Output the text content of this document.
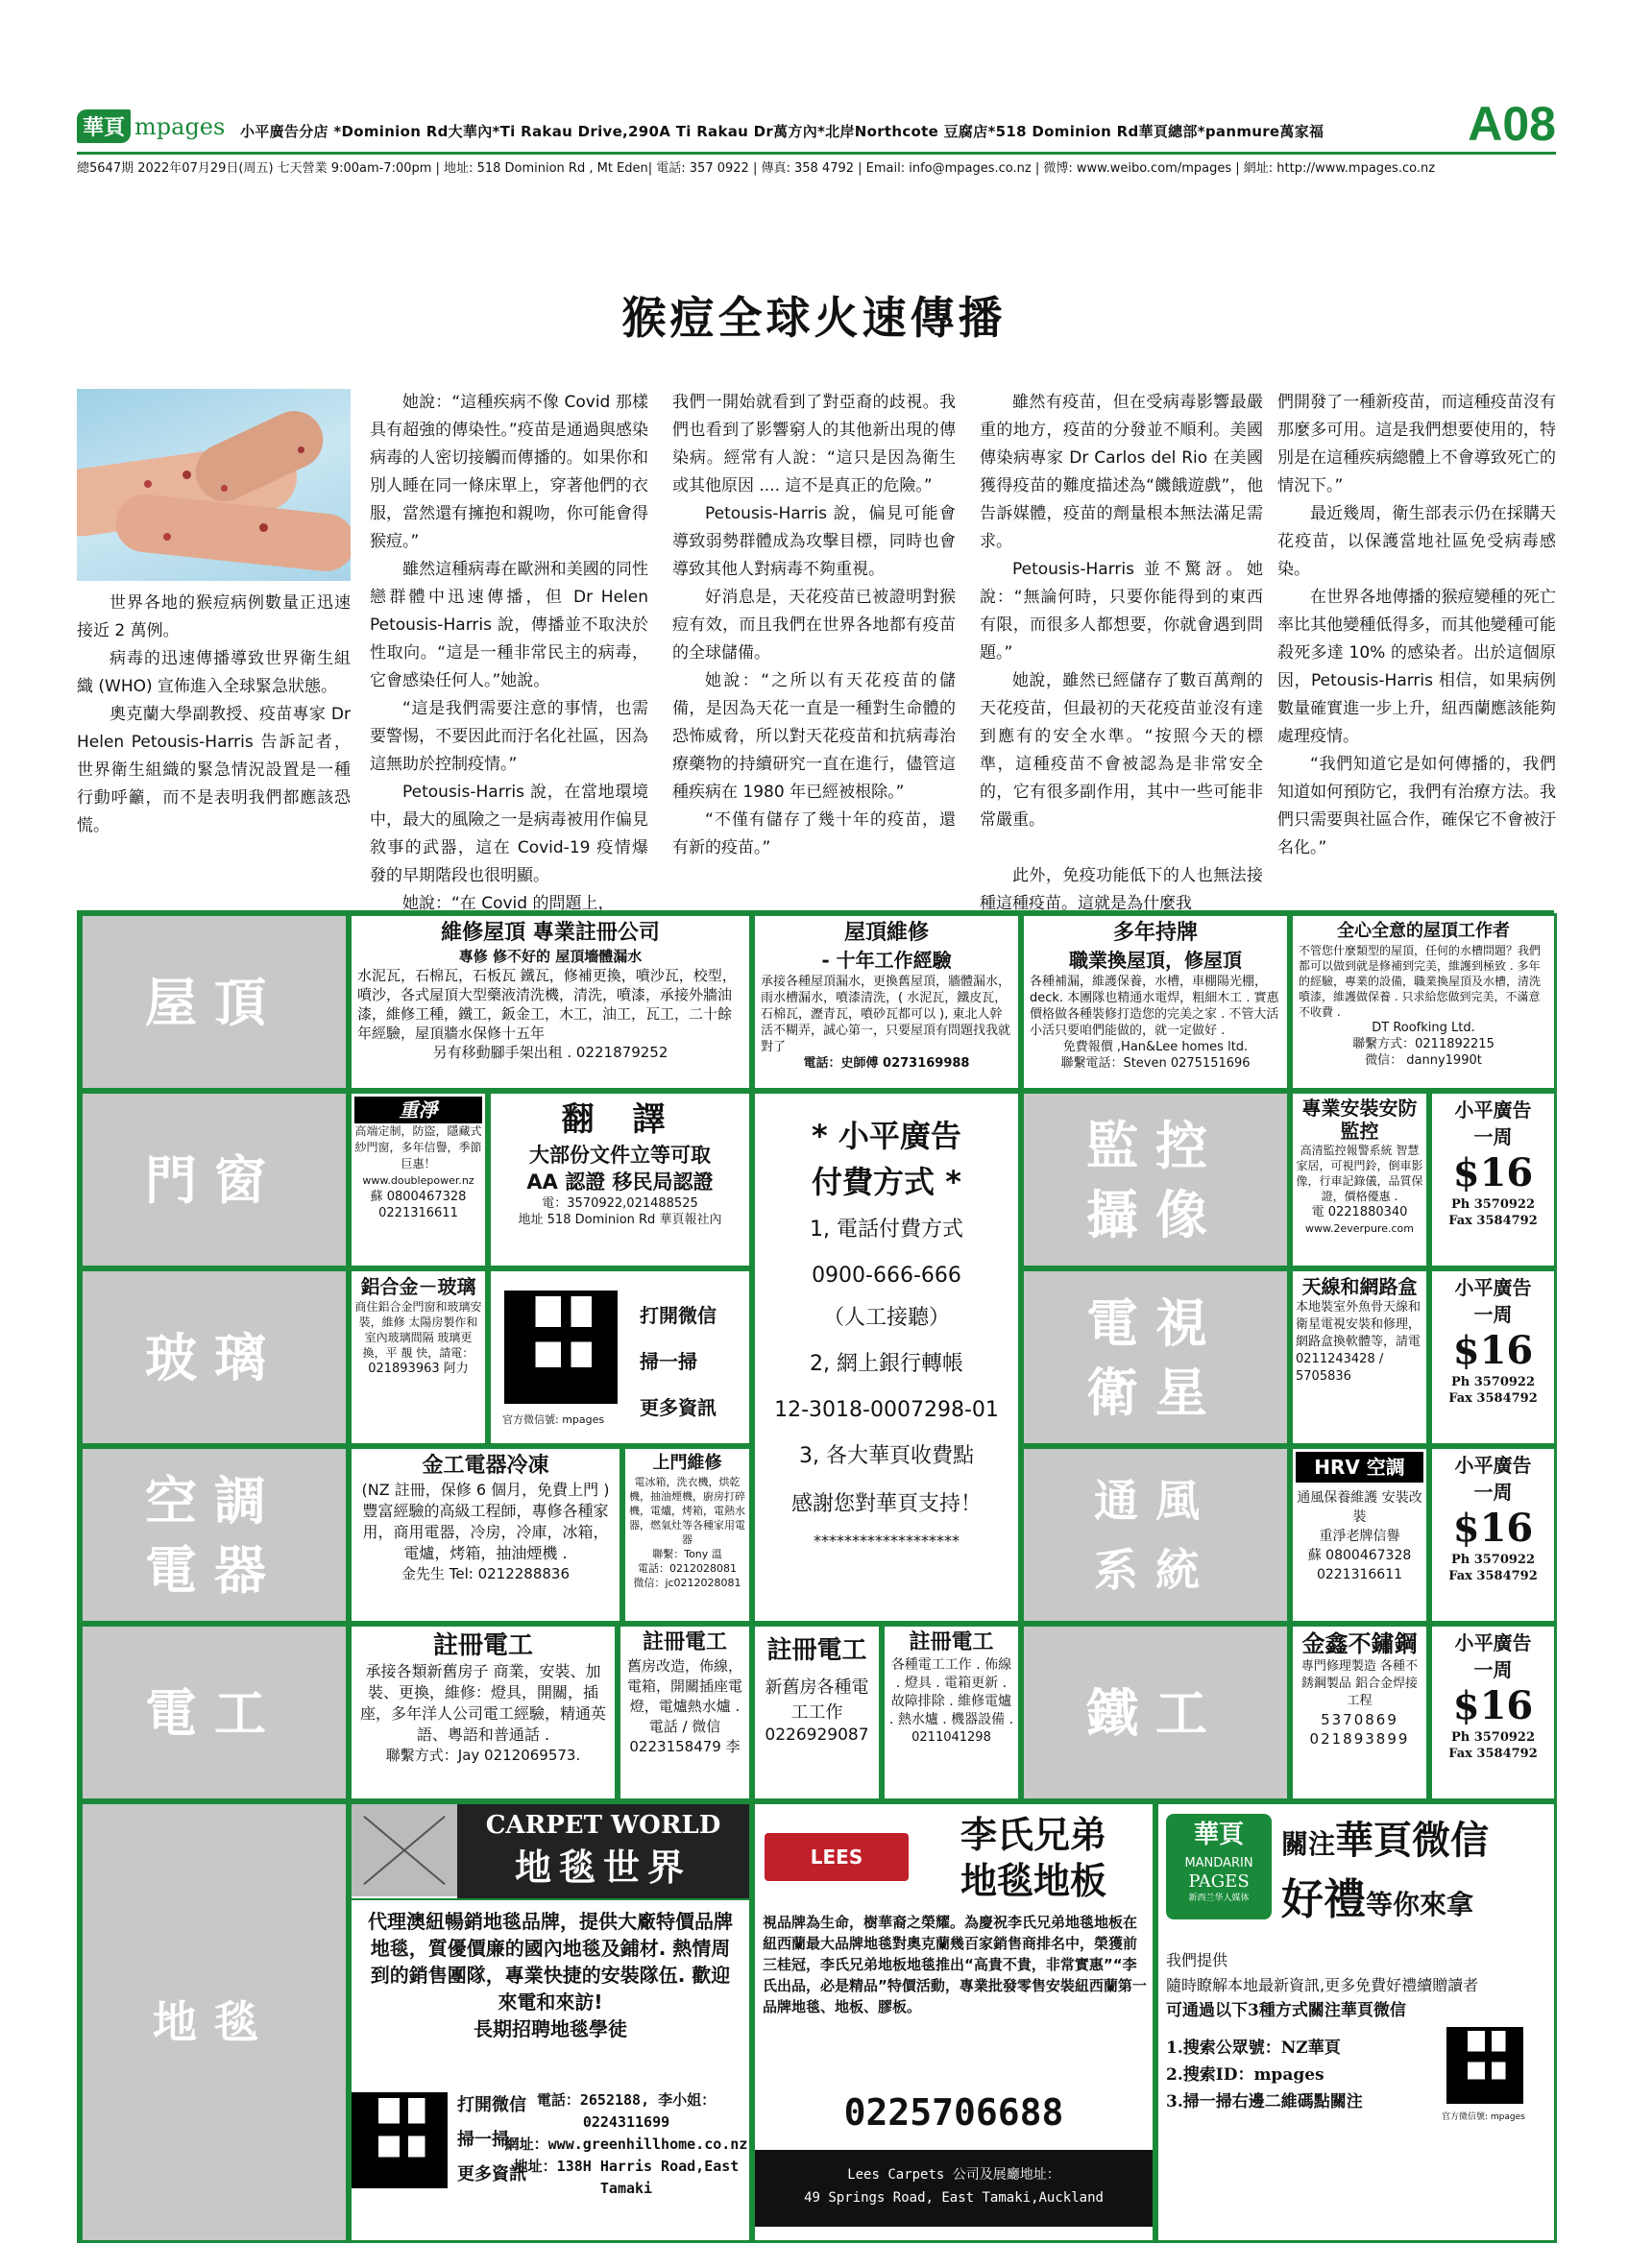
華頁 mpages 小平廣告分店 *Dominion Rd大華內*Ti Rakau Drive,290A Ti Rakau Dr萬方內*北岸Northcote 豆腐店*518 Dominion Rd華頁總部*panmure萬家福	A08
總5647期 2022年07月29日(周五) 七天營業 9:00am-7:00pm | 地址: 518 Dominion Rd , Mt Eden| 電話: 357 0922 | 傳真: 358 4792 | Email: info@mpages.co.nz | 微博: www.weibo.com/mpages | 網址: http://www.mpages.co.nz
猴痘全球火速傳播

世界各地的猴痘病例數量正迅速接近 2 萬例。

病毒的迅速傳播導致世界衛生組織 (WHO) 宣佈進入全球緊急狀態。

奧克蘭大學副教授、疫苗專家 Dr Helen Petousis-Harris 告訴記者，世界衛生組織的緊急情況設置是一種行動呼籲，而不是表明我們都應該恐慌。

她說：“這種疾病不像 Covid 那樣具有超強的傳染性。”疫苗是通過與感染病毒的人密切接觸而傳播的。如果你和別人睡在同一條床單上，穿著他們的衣服，當然還有擁抱和親吻，你可能會得猴痘。”

雖然這種病毒在歐洲和美國的同性戀群體中迅速傳播，但 Dr Helen Petousis-Harris 說，傳播並不取決於性取向。“這是一種非常民主的病毒，它會感染任何人。”她說。

“這是我們需要注意的事情，也需要警惕，不要因此而汙名化社區，因為這無助於控制疫情。”

Petousis-Harris 說，在當地環境中，最大的風險之一是病毒被用作偏見敘事的武器，這在 Covid-19 疫情爆發的早期階段也很明顯。

她說：“在 Covid 的問題上，

我們一開始就看到了對亞裔的歧視。我們也看到了影響窮人的其他新出現的傳染病。經常有人說：“這只是因為衛生或其他原因 .... 這不是真正的危險。”

Petousis-Harris 說，偏見可能會導致弱勢群體成為攻擊目標，同時也會導致其他人對病毒不夠重視。

好消息是，天花疫苗已被證明對猴痘有效，而且我們在世界各地都有疫苗的全球儲備。

她說：“之所以有天花疫苗的儲備，是因為天花一直是一種對生命體的恐怖威脅，所以對天花疫苗和抗病毒治療藥物的持續研究一直在進行，儘管這種疾病在 1980 年已經被根除。”

“不僅有儲存了幾十年的疫苗，還有新的疫苗。”

雖然有疫苗，但在受病毒影響最嚴重的地方，疫苗的分發並不順利。美國傳染病專家 Dr Carlos del Rio 在美國獲得疫苗的難度描述為“饑餓遊戲”，他告訴媒體，疫苗的劑量根本無法滿足需求。

Petousis-Harris 並不驚訝。她說：“無論何時，只要你能得到的東西有限，而很多人都想要，你就會遇到問題。”

她說，雖然已經儲存了數百萬劑的天花疫苗，但最初的天花疫苗並沒有達到應有的安全水準。“按照今天的標準，這種疫苗不會被認為是非常安全的，它有很多副作用，其中一些可能非常嚴重。

此外，免疫功能低下的人也無法接種這種疫苗。這就是為什麼我

們開發了一種新疫苗，而這種疫苗沒有那麼多可用。這是我們想要使用的，特別是在這種疾病總體上不會導致死亡的情況下。”

最近幾周，衛生部表示仍在採購天花疫苗，以保護當地社區免受病毒感染。

在世界各地傳播的猴痘變種的死亡率比其他變種低得多，而其他變種可能殺死多達 10% 的感染者。出於這個原因，Petousis-Harris 相信，如果病例數量確實進一步上升，紐西蘭應該能夠處理疫情。

“我們知道它是如何傳播的，我們知道如何預防它，我們有治療方法。我們只需要與社區合作，確保它不會被汙名化。”

屋頂
門窗
玻璃
空調
電器
電工
地毯
監控
攝像
電視
衛星
通風
系統
鐵工
維修屋頂 專業註冊公司
專修 修不好的 屋頂墻體漏水
水泥瓦，石棉瓦，石板瓦 鐵瓦，修補更換，噴沙瓦，校型，噴沙，各式屋頂大型藥液清洗機，清洗，噴漆，承接外牆油漆，維修工種，鐵工，鈑金工，木工，油工，瓦工，二十餘年經驗，屋頂牆水保修十五年
另有移動腳手架出租 . 0221879252
屋頂維修
- 十年工作經驗
承接各種屋頂漏水，更換舊屋頂，牆體漏水，雨水槽漏水，噴漆清洗，( 水泥瓦，鐵皮瓦，石棉瓦，瀝青瓦，噴砂瓦都可以 ), 東北人幹活不糊弄，誠心第一，只要屋頂有問題找我就對了
電話：史師傅 0273169988
多年持牌
職業換屋頂，修屋頂
各種補漏，維護保養，水槽，車棚陽光棚，deck. 本團隊也精通水電焊，粗細木工 . 實惠價格做各種裝修打造您的完美之家 . 不管大活小活只要咱們能做的，就一定做好 .
免費報價 ,Han&Lee homes ltd.
聯繫電話：Steven 0275151696
全心全意的屋頂工作者
不管您什麼類型的屋頂，任何的水槽問題？我們都可以做到就是修補到完美，維護到極致 . 多年的經驗，專業的設備，職業換屋頂及水槽，清洗噴漆，維護做保養 . 只求給您做到完美，不滿意不收費 .
DT Roofking Ltd.
聯繫方式：0211892215
微信： danny1990t
重淨
高端定制，防盜，隱藏式紗門窗，多年信譽，季節巨惠！
www.doublepower.nz
蘇 0800467328
0221316611
翻 譯
大部份文件立等可取
AA 認證 移民局認證
電：3570922,021488525
地址 518 Dominion Rd 華頁報社內
* 小平廣告
付費方式 *
1, 電話付費方式
0900-666-666
（人工接聽）
2, 網上銀行轉帳
12-3018-0007298-01
3, 各大華頁收費點
感謝您對華頁支持！
*******************
鋁合金－玻璃
商住鋁合金門窗和玻璃安裝，維修 太陽房製作和室內玻璃間隔 玻璃更換，平 靚 快，請電：
021893963 阿力
官方微信號: mpages
打開微信
掃一掃
更多資訊
金工電器冷凍
(NZ 註冊，保修 6 個月，免費上門 ) 豐富經驗的高級工程師，專修各種家用，商用電器，冷房，冷庫，冰箱，電爐，烤箱，抽油煙機 .
金先生 Tel: 0212288836
上門維修
電冰箱，洗衣機，烘乾機，抽油煙機，廚房打碎機，電爐，烤箱，電熱水器，燃氣灶等各種家用電器
聯繫：Tony 溫
電話：0212028081
微信：jc0212028081
註冊電工
承接各類新舊房子 商業，安裝、加裝、更換，維修：燈具，開關，插座，多年洋人公司電工經驗，精通英語、粵語和普通話 .
聯繫方式：Jay 0212069573.
註冊電工
舊房改造，佈線，電箱，開關插座電燈，電爐熱水爐 . 電話 / 微信
0223158479 李
註冊電工
新舊房各種電工工作
0226929087
註冊電工
各種電工工作 . 佈線 . 燈具 . 電箱更新 . 故障排除 . 維修電爐 . 熱水爐 . 機器設備 .
0211041298
專業安裝安防監控
高清監控報警系統 智慧家居，可視門鈴，倒車影像，行車記錄儀，品質保證，價格優惠 .
電 0221880340
www.2everpure.com
天線和網路盒
本地裝室外魚骨天線和衛星電視安裝和修理，網路盒換軟體等，請電 0211243428 / 5705836
HRV 空調
通風保養維護 安裝改裝
重淨老牌信譽
蘇 0800467328
0221316611
金鑫不鏽鋼
專門修理製造 各種不銹鋼製品 鋁合金焊接工程
5370869
021893899
小平廣告
一周
$16
Ph 3570922
Fax 3584792
小平廣告
一周
$16
Ph 3570922
Fax 3584792
小平廣告
一周
$16
Ph 3570922
Fax 3584792
小平廣告
一周
$16
Ph 3570922
Fax 3584792
CARPET WORLD
地毯世界
代理澳紐暢銷地毯品牌，提供大廠特價品牌地毯，質優價廉的國內地毯及鋪材. 熱情周到的銷售團隊，專業快捷的安裝隊伍. 歡迎來電和來訪!
長期招聘地毯學徒
打開微信
掃一掃
更多資訊
電話：2652188, 李小姐：0224311699
網址：www.greenhillhome.co.nz
地址：138H Harris Road,East Tamaki
LEES CARPETS
李氏兄弟
地毯地板
視品牌為生命，樹華裔之榮耀。為慶祝李氏兄弟地毯地板在紐西蘭最大品牌地毯對奧克蘭幾百家銷售商排名中，榮獲前三桂冠，李氏兄弟地板地毯推出“高貴不貴，非常實惠”“李氏出品，必是精品”特價活動，專業批發零售安裝紐西蘭第一品牌地毯、地板、膠板。
0225706688
Lees Carpets 公司及展廳地址：
49 Springs Road, East Tamaki,Auckland
華頁
MANDARIN
PAGES
新西兰华人媒体
關注華頁微信
好禮等你來拿
我們提供
隨時瞭解本地最新資訊,更多免費好禮續贈讀者
可通過以下3種方式關注華頁微信
1.搜索公眾號：NZ華頁
2.搜索ID：mpages
3.掃一掃右邊二維碼點關注
官方微信號: mpages
